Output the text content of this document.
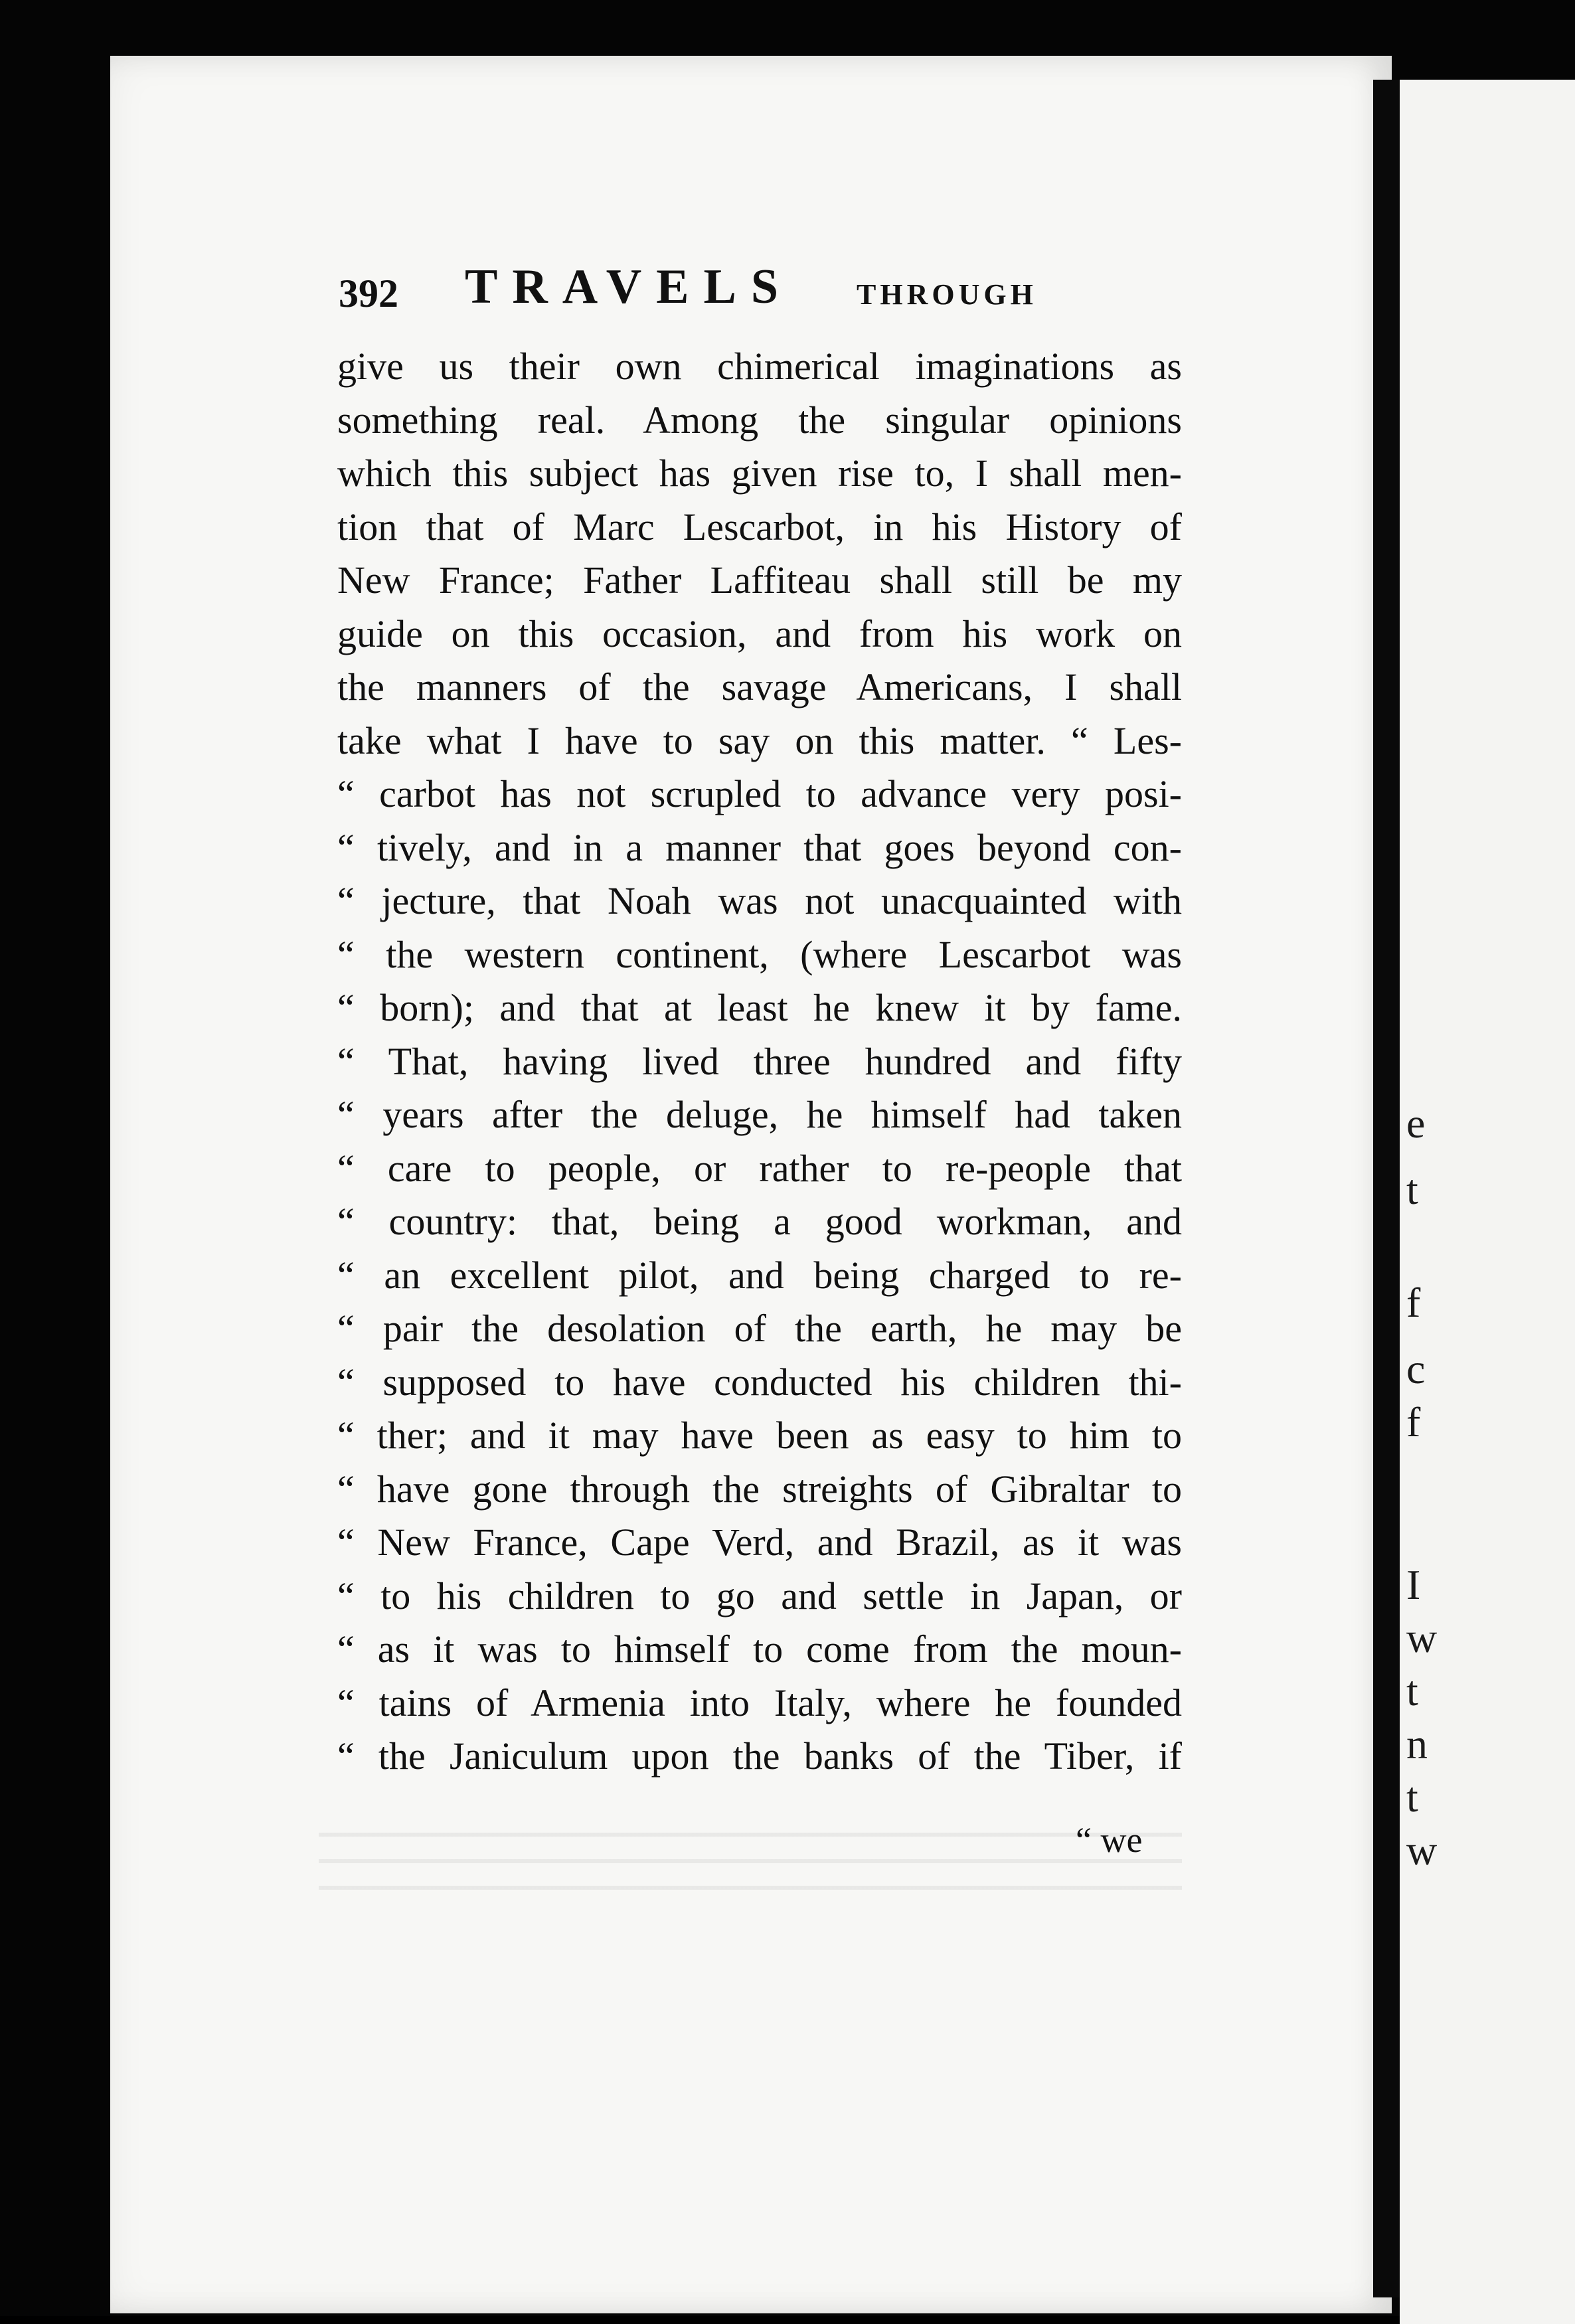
e
t
f
c
f
I
w
t
n
t
w
392 TRAVELS THROUGH
give us their own chimerical imaginations as
something real. Among the singular opinions
which this subject has given rise to, I shall men-
tion that of Marc Lescarbot, in his History of
New France; Father Laffiteau shall still be my
guide on this occasion, and from his work on
the manners of the savage Americans, I shall
take what I have to say on this matter. “ Les-
“ carbot has not scrupled to advance very posi-
“ tively, and in a manner that goes beyond con-
“ jecture, that Noah was not unacquainted with
“ the western continent, (where Lescarbot was
“ born); and that at least he knew it by fame.
“ That, having lived three hundred and fifty
“ years after the deluge, he himself had taken
“ care to people, or rather to re-people that
“ country: that, being a good workman, and
“ an excellent pilot, and being charged to re-
“ pair the desolation of the earth, he may be
“ supposed to have conducted his children thi-
“ ther; and it may have been as easy to him to
“ have gone through the streights of Gibraltar to
“ New France, Cape Verd, and Brazil, as it was
“ to his children to go and settle in Japan, or
“ as it was to himself to come from the moun-
“ tains of Armenia into Italy, where he founded
“ the Janiculum upon the banks of the Tiber, if
“ we
